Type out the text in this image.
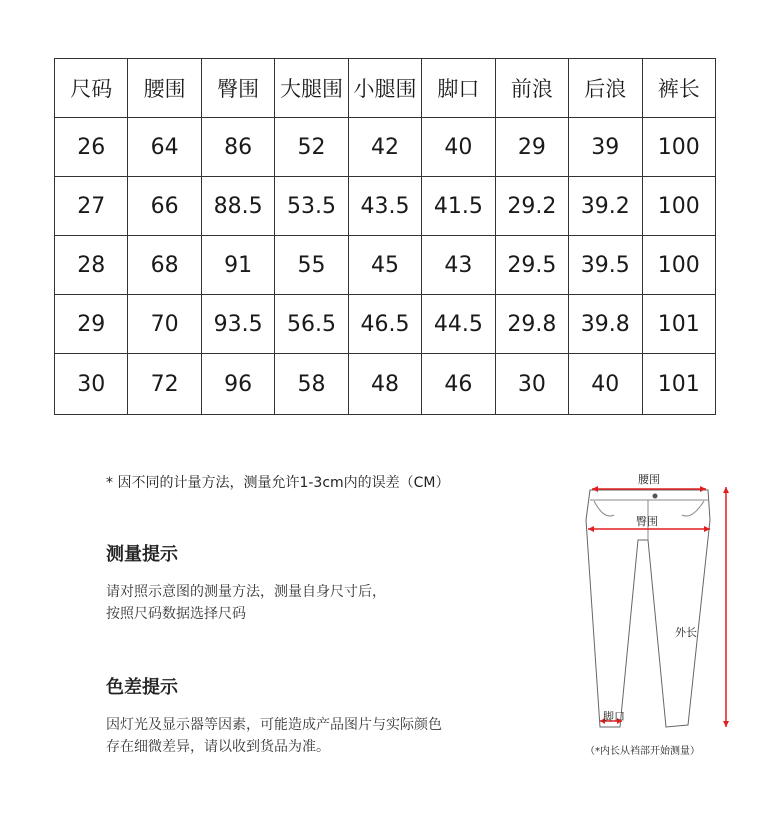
尺码	腰围	臀围	大腿围	小腿围	脚口	前浪	后浪	裤长
26	64	86	52	42	40	29	39	100
27	66	88.5	53.5	43.5	41.5	29.2	39.2	100
28	68	91	55	45	43	29.5	39.5	100
29	70	93.5	56.5	46.5	44.5	29.8	39.8	101
30	72	96	58	48	46	30	40	101
* 因不同的计量方法，测量允许1-3cm内的误差（CM）
测量提示
请对照示意图的测量方法，测量自身尺寸后，
按照尺码数据选择尺码
色差提示
因灯光及显示器等因素，可能造成产品图片与实际颜色
存在细微差异，请以收到货品为准。
腰围
臀围
外长
脚口
（*内长从裆部开始测量）
